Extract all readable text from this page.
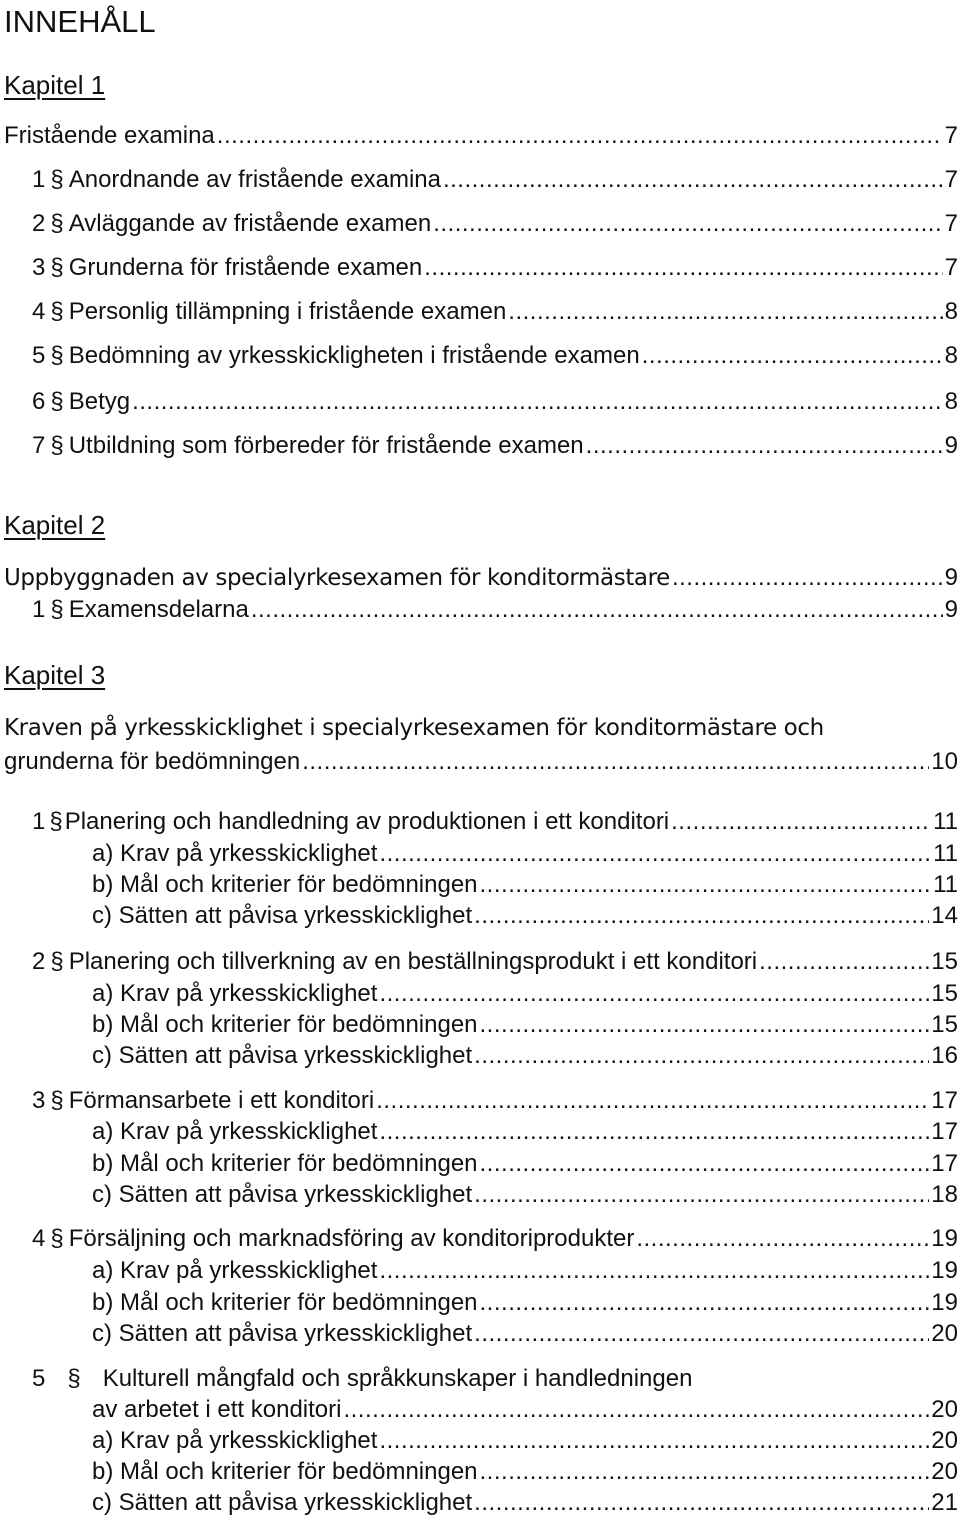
INNEHÅLL
Kapitel 1
Fristående examina .....	7
1 § Anordnande av fristående examina .....	7
2 § Avläggande av fristående examen .....	7
3 § Grunderna för fristående examen .....	7
4 § Personlig tillämpning i fristående examen .....	8
5 § Bedömning av yrkesskickligheten i fristående examen .....	8
6 § Betyg .....	8
7 § Utbildning som förbereder för fristående examen .....	9
Kapitel 2
Uppbyggnaden av specialyrkesexamen för konditormästare .....	9
1 § Examensdelarna .....	9
Kapitel 3
Kraven på yrkesskicklighet i specialyrkesexamen för konditormästare och
grunderna för bedömningen .....	10
1 § Planering och handledning av produktionen i ett konditori .....	11
a) Krav på yrkesskicklighet .....	11
b) Mål och kriterier för bedömningen .....	11
c) Sätten att påvisa yrkesskicklighet .....	14
2 § Planering och tillverkning av en beställningsprodukt i ett konditori .....	15
a) Krav på yrkesskicklighet .....	15
b) Mål och kriterier för bedömningen .....	15
c) Sätten att påvisa yrkesskicklighet .....	16
3 § Förmansarbete i ett konditori .....	17
a) Krav på yrkesskicklighet .....	17
b) Mål och kriterier för bedömningen .....	17
c) Sätten att påvisa yrkesskicklighet .....	18
4 § Försäljning och marknadsföring av konditoriprodukter .....	19
a) Krav på yrkesskicklighet .....	19
b) Mål och kriterier för bedömningen .....	19
c) Sätten att påvisa yrkesskicklighet .....	20
5 § Kulturell mångfald och språkkunskaper i handledningen
av arbetet i ett konditori .....	20
a) Krav på yrkesskicklighet .....	20
b) Mål och kriterier för bedömningen .....	20
c) Sätten att påvisa yrkesskicklighet .....	21
